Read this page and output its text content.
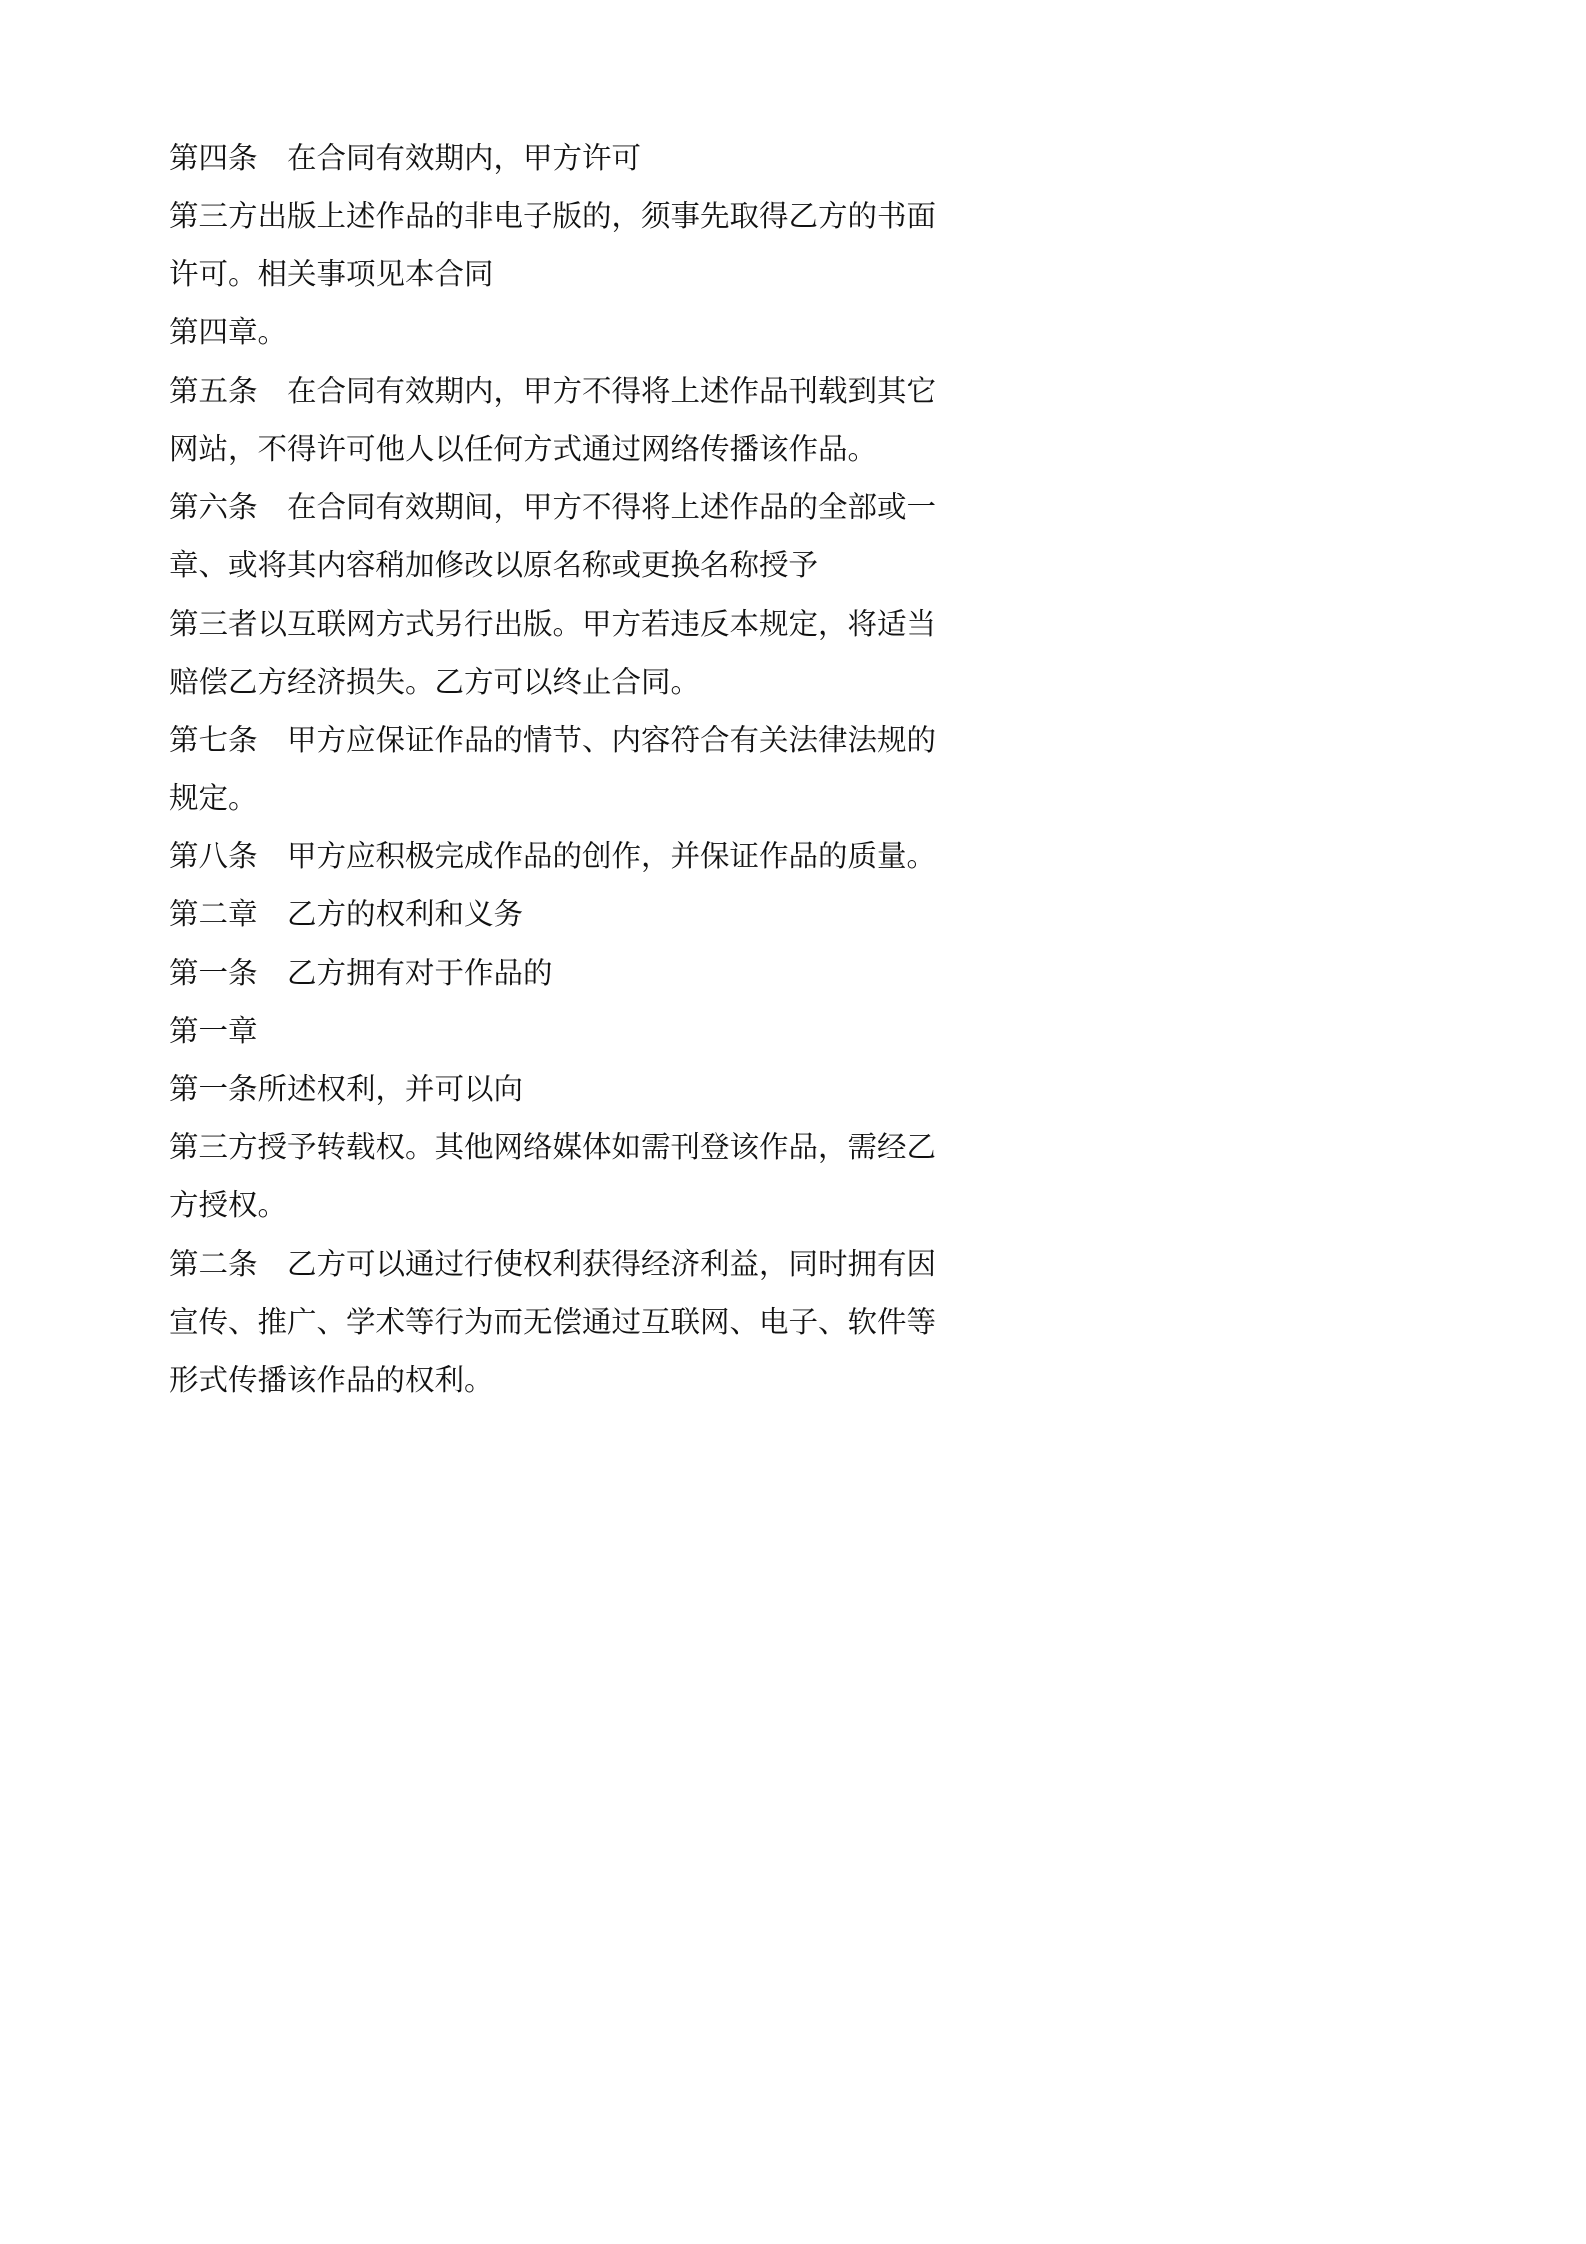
第四条　在合同有效期内，甲方许可

第三方出版上述作品的非电子版的，须事先取得乙方的书面

许可。相关事项见本合同

第四章。

第五条　在合同有效期内，甲方不得将上述作品刊载到其它

网站，不得许可他人以任何方式通过网络传播该作品。

第六条　在合同有效期间，甲方不得将上述作品的全部或一

章、或将其内容稍加修改以原名称或更换名称授予

第三者以互联网方式另行出版。甲方若违反本规定，将适当

赔偿乙方经济损失。乙方可以终止合同。

第七条　甲方应保证作品的情节、内容符合有关法律法规的

规定。

第八条　甲方应积极完成作品的创作，并保证作品的质量。

第二章　乙方的权利和义务

第一条　乙方拥有对于作品的

第一章

第一条所述权利，并可以向

第三方授予转载权。其他网络媒体如需刊登该作品，需经乙

方授权。

第二条　乙方可以通过行使权利获得经济利益，同时拥有因

宣传、推广、学术等行为而无偿通过互联网、电子、软件等

形式传播该作品的权利。
